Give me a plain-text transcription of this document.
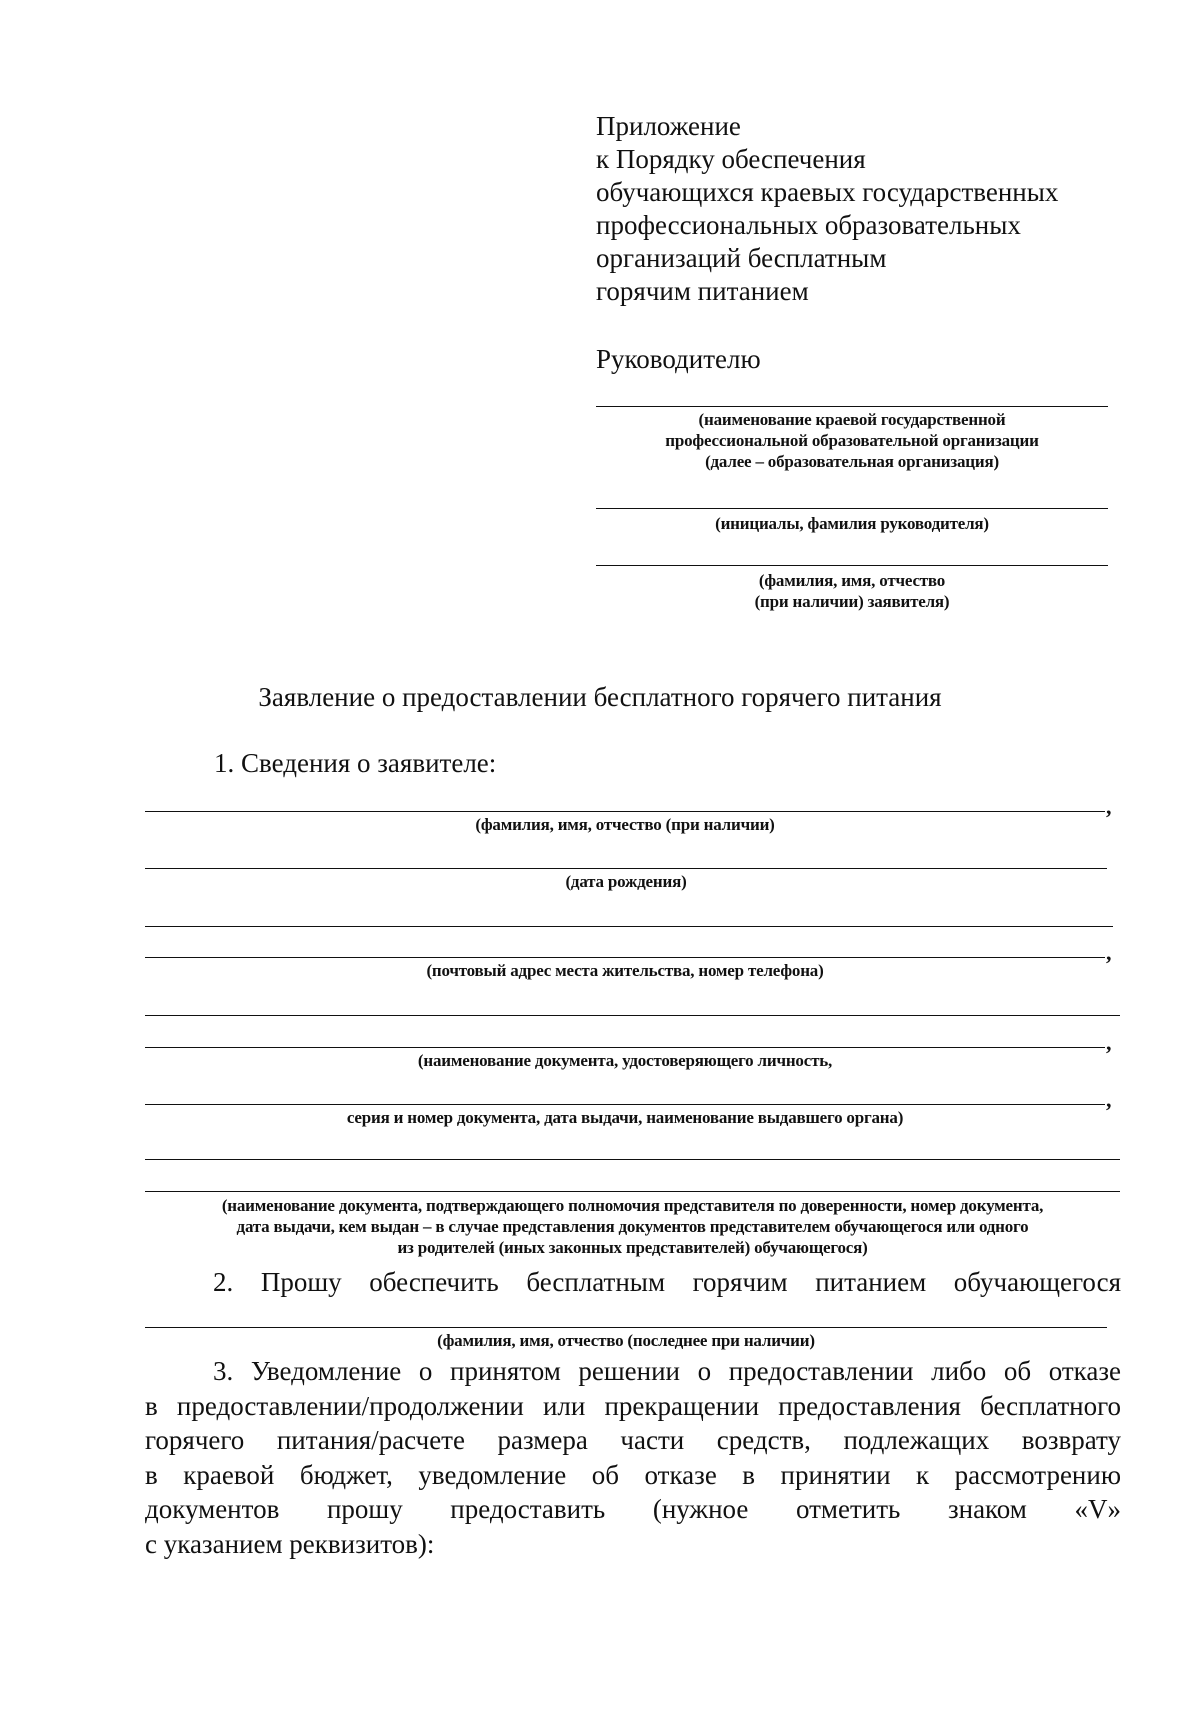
Приложение
к Порядку обеспечения
обучающихся краевых государственных
профессиональных образовательных
организаций бесплатным
горячим питанием
Руководителю
(наименование краевой государственной
профессиональной образовательной организации
(далее – образовательная организация)
(инициалы, фамилия руководителя)
(фамилия, имя, отчество
(при наличии) заявителя)
Заявление о предоставлении бесплатного горячего питания
1. Сведения о заявителе:
,
(фамилия, имя, отчество (при наличии)
(дата рождения)
,
(почтовый адрес места жительства, номер телефона)
,
(наименование документа, удостоверяющего личность,
,
серия и номер документа, дата выдачи, наименование выдавшего органа)
(наименование документа, подтверждающего полномочия представителя по доверенности, номер документа,
дата выдачи, кем выдан – в случае представления документов представителем обучающегося или одного
из родителей (иных законных представителей) обучающегося)
2. Прошу обеспечить бесплатным горячим питанием обучающегося
(фамилия, имя, отчество (последнее при наличии)
3. Уведомление о принятом решении о предоставлении либо об отказе
в предоставлении/продолжении или прекращении предоставления бесплатного
горячего питания/расчете размера части средств, подлежащих возврату
в краевой бюджет, уведомление об отказе в принятии к рассмотрению
документов прошу предоставить (нужное отметить знаком «V»
с указанием реквизитов):
